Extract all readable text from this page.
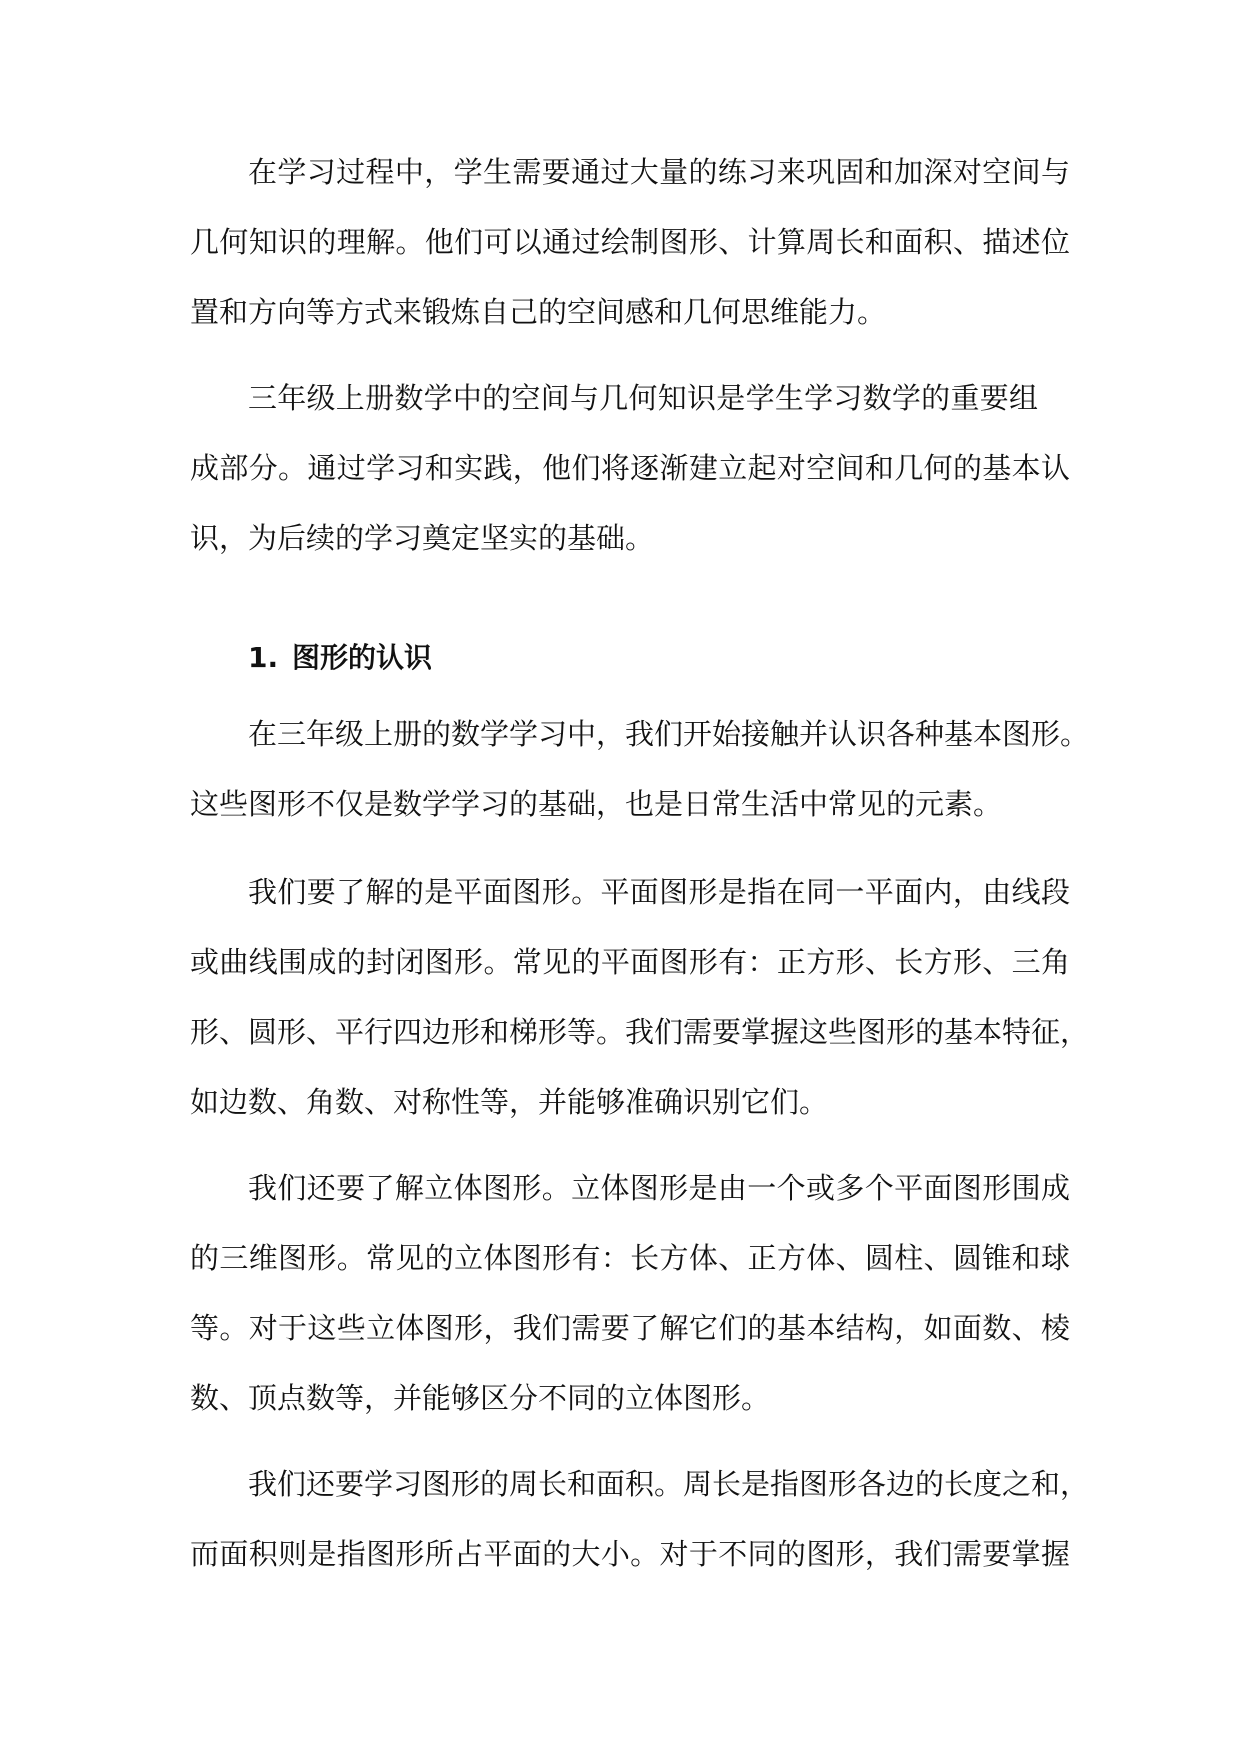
在学习过程中，学生需要通过大量的练习来巩固和加深对空间与
几何知识的理解。他们可以通过绘制图形、计算周长和面积、描述位
置和方向等方式来锻炼自己的空间感和几何思维能力。
三年级上册数学中的空间与几何知识是学生学习数学的重要组
成部分。通过学习和实践，他们将逐渐建立起对空间和几何的基本认
识，为后续的学习奠定坚实的基础。
1. 图形的认识
在三年级上册的数学学习中，我们开始接触并认识各种基本图形。
这些图形不仅是数学学习的基础，也是日常生活中常见的元素。
我们要了解的是平面图形。平面图形是指在同一平面内，由线段
或曲线围成的封闭图形。常见的平面图形有：正方形、长方形、三角
形、圆形、平行四边形和梯形等。我们需要掌握这些图形的基本特征，
如边数、角数、对称性等，并能够准确识别它们。
我们还要了解立体图形。立体图形是由一个或多个平面图形围成
的三维图形。常见的立体图形有：长方体、正方体、圆柱、圆锥和球
等。对于这些立体图形，我们需要了解它们的基本结构，如面数、棱
数、顶点数等，并能够区分不同的立体图形。
我们还要学习图形的周长和面积。周长是指图形各边的长度之和，
而面积则是指图形所占平面的大小。对于不同的图形，我们需要掌握
